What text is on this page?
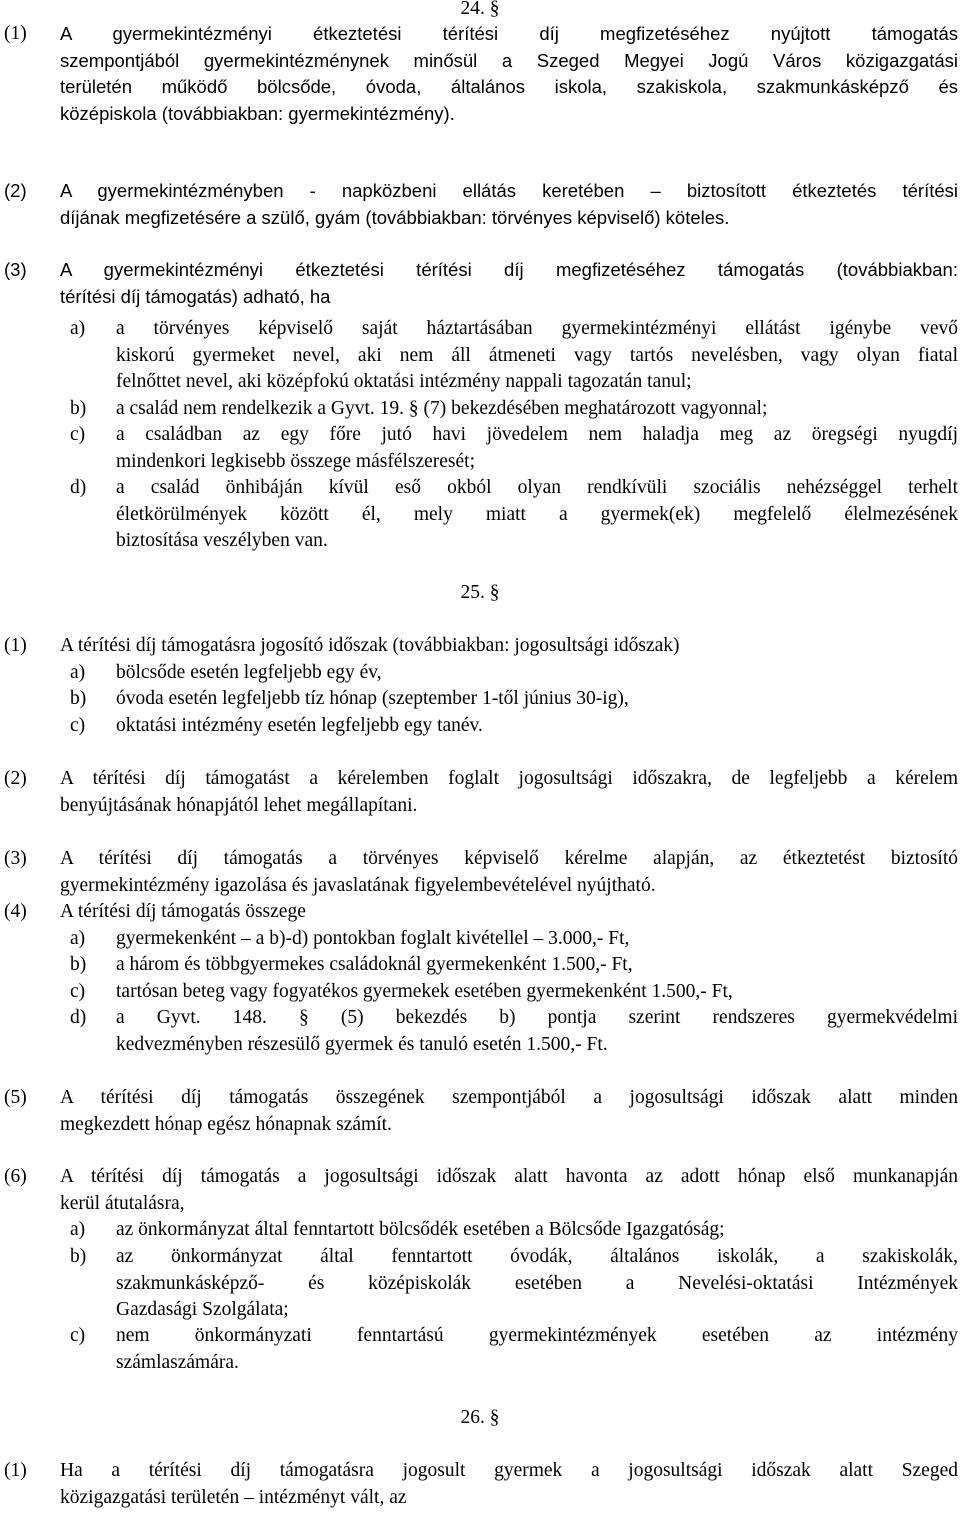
24. §
(1) A gyermekintézményi étkeztetési térítési díj megfizetéséhez nyújtott támogatás
szempontjából gyermekintézménynek minősül a Szeged Megyei Jogú Város közigazgatási
területén működő bölcsőde, óvoda, általános iskola, szakiskola, szakmunkásképző és
középiskola (továbbiakban: gyermekintézmény).
(2) A gyermekintézményben - napközbeni ellátás keretében – biztosított étkeztetés térítési
díjának megfizetésére a szülő, gyám (továbbiakban: törvényes képviselő) köteles.
(3) A gyermekintézményi étkeztetési térítési díj megfizetéséhez támogatás (továbbiakban:
térítési díj támogatás) adható, ha
a) a törvényes képviselő saját háztartásában gyermekintézményi ellátást igénybe vevő
kiskorú gyermeket nevel, aki nem áll átmeneti vagy tartós nevelésben, vagy olyan fiatal
felnőttet nevel, aki középfokú oktatási intézmény nappali tagozatán tanul;
b) a család nem rendelkezik a Gyvt. 19. § (7) bekezdésében meghatározott vagyonnal;
c) a családban az egy főre jutó havi jövedelem nem haladja meg az öregségi nyugdíj
mindenkori legkisebb összege másfélszeresét;
d) a család önhibáján kívül eső okból olyan rendkívüli szociális nehézséggel terhelt
életkörülmények között él, mely miatt a gyermek(ek) megfelelő élelmezésének
biztosítása veszélyben van.
25. §
(1) A térítési díj támogatásra jogosító időszak (továbbiakban: jogosultsági időszak)
a) bölcsőde esetén legfeljebb egy év,
b) óvoda esetén legfeljebb tíz hónap (szeptember 1-től június 30-ig),
c) oktatási intézmény esetén legfeljebb egy tanév.
(2) A térítési díj támogatást a kérelemben foglalt jogosultsági időszakra, de legfeljebb a kérelem
benyújtásának hónapjától lehet megállapítani.
(3) A térítési díj támogatás a törvényes képviselő kérelme alapján, az étkeztetést biztosító
gyermekintézmény igazolása és javaslatának figyelembevételével nyújtható.
(4) A térítési díj támogatás összege
a) gyermekenként – a b)-d) pontokban foglalt kivétellel – 3.000,- Ft,
b) a három és többgyermekes családoknál gyermekenként 1.500,- Ft,
c) tartósan beteg vagy fogyatékos gyermekek esetében gyermekenként 1.500,- Ft,
d) a Gyvt. 148. § (5) bekezdés b) pontja szerint rendszeres gyermekvédelmi
kedvezményben részesülő gyermek és tanuló esetén 1.500,- Ft.
(5) A térítési díj támogatás összegének szempontjából a jogosultsági időszak alatt minden
megkezdett hónap egész hónapnak számít.
(6) A térítési díj támogatás a jogosultsági időszak alatt havonta az adott hónap első munkanapján
kerül átutalásra,
a) az önkormányzat által fenntartott bölcsődék esetében a Bölcsőde Igazgatóság;
b) az önkormányzat által fenntartott óvodák, általános iskolák, a szakiskolák,
szakmunkásképző- és középiskolák esetében a Nevelési-oktatási Intézmények
Gazdasági Szolgálata;
c) nem önkormányzati fenntartású gyermekintézmények esetében az intézmény
számlaszámára.
26. §
(1) Ha a térítési díj támogatásra jogosult gyermek a jogosultsági időszak alatt Szeged
közigazgatási területén – intézményt vált, az
